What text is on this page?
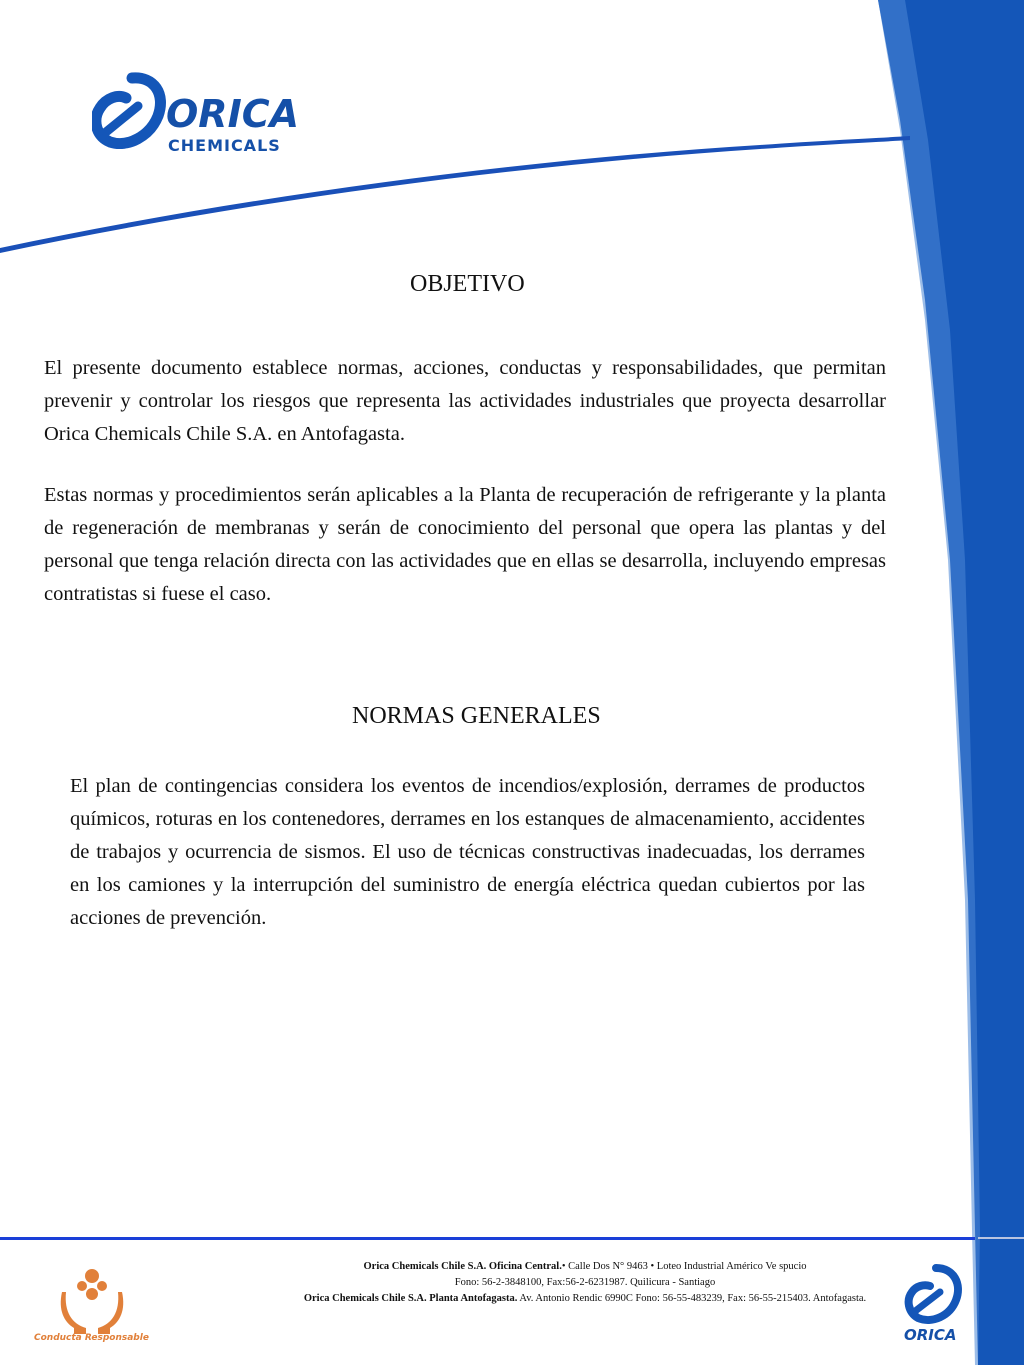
ORICA
CHEMICALS
OBJETIVO

El presente documento establece normas, acciones, conductas y responsabilidades, que permitan prevenir y controlar los riesgos que representa las actividades industriales que proyecta desarrollar Orica Chemicals Chile S.A. en Antofagasta.

Estas normas y procedimientos serán aplicables a la Planta de recuperación de refrigerante y la planta de regeneración de membranas y serán de conocimiento del personal que opera las plantas y del personal que tenga relación directa con las actividades que en ellas se desarrolla, incluyendo empresas contratistas si fuese el caso.

NORMAS GENERALES

El plan de contingencias considera los eventos de incendios/explosión, derrames de productos químicos, roturas en los contenedores, derrames en los estanques de almacenamiento, accidentes de trabajos y ocurrencia de sismos. El uso de técnicas constructivas inadecuadas, los derrames en los camiones y la interrupción del suministro de energía eléctrica quedan cubiertos por las acciones de prevención.

Conducta Responsable
Orica Chemicals Chile S.A. Oficina Central.• Calle Dos N° 9463 • Loteo Industrial Américo Ve spucio
Fono: 56-2-3848100, Fax:56-2-6231987. Quilicura - Santiago
Orica Chemicals Chile S.A. Planta Antofagasta. Av. Antonio Rendic 6990C Fono: 56-55-483239, Fax: 56-55-215403. Antofagasta.
ORICA
